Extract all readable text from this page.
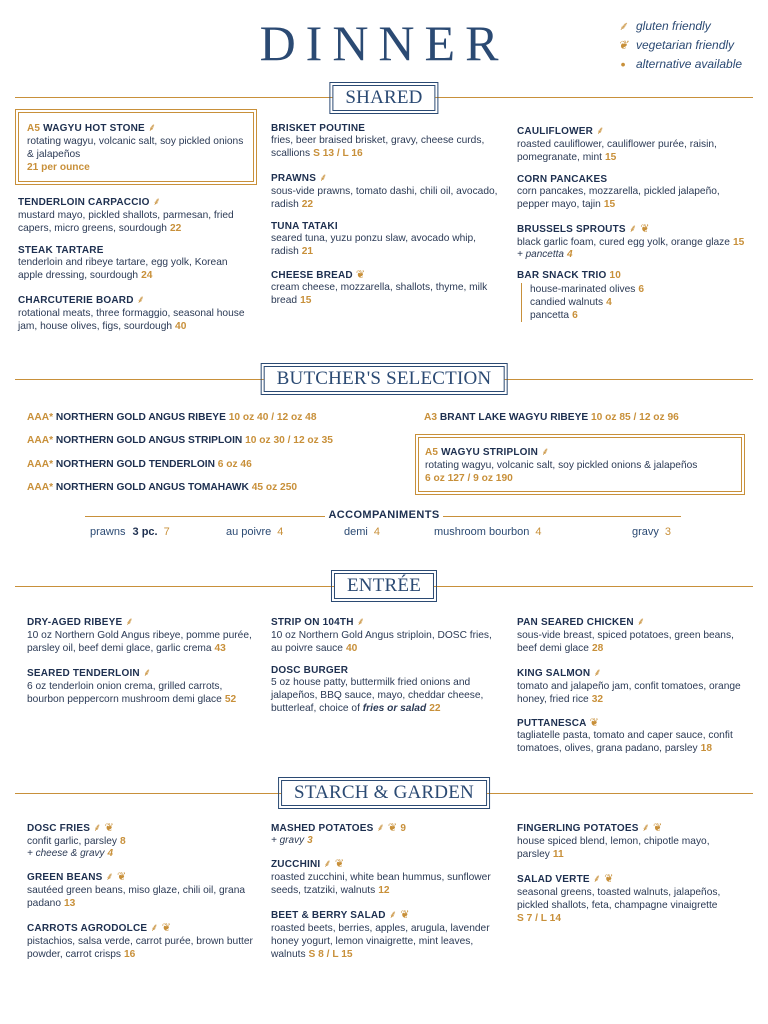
DINNER	⸙ gluten friendly
❦ vegetarian friendly
• alternative available
SHARED
A5 WAGYU HOT STONE ⸙
rotating wagyu, volcanic salt, soy pickled onions & jalapeños
21 per ounce
TENDERLOIN CARPACCIO ⸙
mustard mayo, pickled shallots, parmesan, fried capers, micro greens, sourdough 22
STEAK TARTARE
tenderloin and ribeye tartare, egg yolk, Korean apple dressing, sourdough 24
CHARCUTERIE BOARD ⸙
rotational meats, three formaggio, seasonal house jam, house olives, figs, sourdough 40
BRISKET POUTINE
fries, beer braised brisket, gravy, cheese curds, scallions S 13 / L 16
PRAWNS ⸙
sous-vide prawns, tomato dashi, chili oil, avocado, radish 22
TUNA TATAKI
seared tuna, yuzu ponzu slaw, avocado whip, radish 21
CHEESE BREAD ❦
cream cheese, mozzarella, shallots, thyme, milk bread 15
CAULIFLOWER ⸙
roasted cauliflower, cauliflower purée, raisin, pomegranate, mint 15
CORN PANCAKES
corn pancakes, mozzarella, pickled jalapeño, pepper mayo, tajin 15
BRUSSELS SPROUTS ⸙ ❦
black garlic foam, cured egg yolk, orange glaze 15
+ pancetta 4
BAR SNACK TRIO 10
house-marinated olives 6
candied walnuts 4
pancetta 6
BUTCHER'S SELECTION
AAA* NORTHERN GOLD ANGUS RIBEYE 10 oz 40 / 12 oz 48
AAA* NORTHERN GOLD ANGUS STRIPLOIN 10 oz 30 / 12 oz 35
AAA* NORTHERN GOLD TENDERLOIN 6 oz 46
AAA* NORTHERN GOLD ANGUS TOMAHAWK 45 oz 250
A3 BRANT LAKE WAGYU RIBEYE 10 oz 85 / 12 oz 96
A5 WAGYU STRIPLOIN ⸙
rotating wagyu, volcanic salt, soy pickled onions & jalapeños
6 oz 127 / 9 oz 190
ACCOMPANIMENTS
prawns 3 pc. 7	au poivre 4	demi 4	mushroom bourbon 4	gravy 3
ENTRÉE
DRY-AGED RIBEYE ⸙
10 oz Northern Gold Angus ribeye, pomme purée, parsley oil, beef demi glace, garlic crema 43
SEARED TENDERLOIN ⸙
6 oz tenderloin onion crema, grilled carrots, bourbon peppercorn mushroom demi glace 52
STRIP ON 104TH ⸙
10 oz Northern Gold Angus striploin, DOSC fries, au poivre sauce 40
DOSC BURGER
5 oz house patty, buttermilk fried onions and jalapeños, BBQ sauce, mayo, cheddar cheese, butterleaf, choice of fries or salad 22
PAN SEARED CHICKEN ⸙
sous-vide breast, spiced potatoes, green beans, beef demi glace 28
KING SALMON ⸙
tomato and jalapeño jam, confit tomatoes, orange honey, fried rice 32
PUTTANESCA ❦
tagliatelle pasta, tomato and caper sauce, confit tomatoes, olives, grana padano, parsley 18
STARCH & GARDEN
DOSC FRIES ⸙ ❦
confit garlic, parsley 8
+ cheese & gravy 4
GREEN BEANS ⸙ ❦
sautéed green beans, miso glaze, chili oil, grana padano 13
CARROTS AGRODOLCE ⸙ ❦
pistachios, salsa verde, carrot purée, brown butter powder, carrot crisps 16
MASHED POTATOES ⸙ ❦ 9
+ gravy 3
ZUCCHINI ⸙ ❦
roasted zucchini, white bean hummus, sunflower seeds, tzatziki, walnuts 12
BEET & BERRY SALAD ⸙ ❦
roasted beets, berries, apples, arugula, lavender honey yogurt, lemon vinaigrette, mint leaves, walnuts S 8 / L 15
FINGERLING POTATOES ⸙ ❦
house spiced blend, lemon, chipotle mayo, parsley 11
SALAD VERTE ⸙ ❦
seasonal greens, toasted walnuts, jalapeños, pickled shallots, feta, champagne vinaigrette
S 7 / L 14
